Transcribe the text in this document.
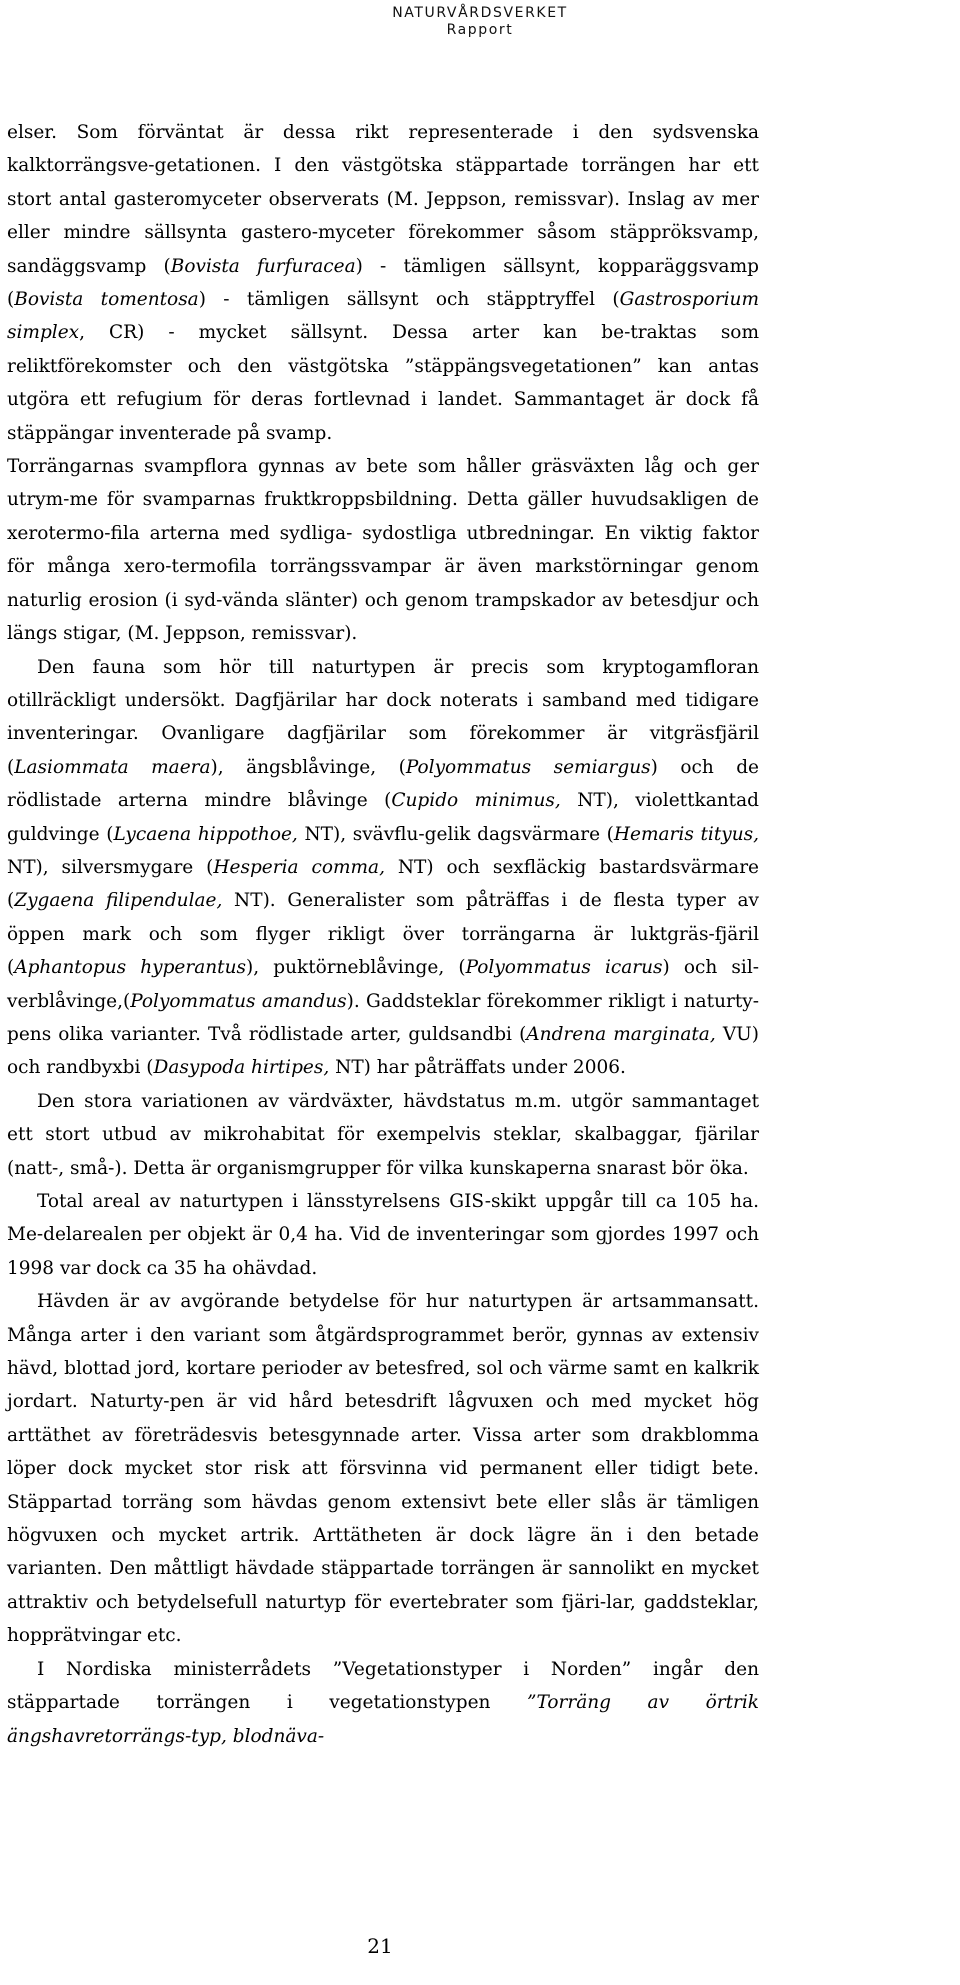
NATURVÅRDSVERKET
Rapport

elser. Som förväntat är dessa rikt representerade i den sydsvenska kalktorrängsve-getationen. I den västgötska stäppartade torrängen har ett stort antal gasteromyceter observerats (M. Jeppson, remissvar). Inslag av mer eller mindre sällsynta gastero-myceter förekommer såsom stäppröksvamp, sandäggsvamp (Bovista furfuracea) - tämligen sällsynt, kopparäggsvamp (Bovista tomentosa) - tämligen sällsynt och stäpptryffel (Gastrosporium simplex, CR) - mycket sällsynt. Dessa arter kan be-traktas som reliktförekomster och den västgötska ”stäppängsvegetationen” kan antas utgöra ett refugium för deras fortlevnad i landet. Sammantaget är dock få stäppängar inventerade på svamp.

Torrängarnas svampflora gynnas av bete som håller gräsväxten låg och ger utrym-me för svamparnas fruktkroppsbildning. Detta gäller huvudsakligen de xerotermo-fila arterna med sydliga- sydostliga utbredningar. En viktig faktor för många xero-termofila torrängssvampar är även markstörningar genom naturlig erosion (i syd-vända slänter) och genom trampskador av betesdjur och längs stigar, (M. Jeppson, remissvar).

Den fauna som hör till naturtypen är precis som kryptogamfloran otillräckligt undersökt. Dagfjärilar har dock noterats i samband med tidigare inventeringar. Ovanligare dagfjärilar som förekommer är vitgräsfjäril (Lasiommata maera), ängsblåvinge, (Polyommatus semiargus) och de rödlistade arterna mindre blåvinge (Cupido minimus, NT), violettkantad guldvinge (Lycaena hippothoe, NT), svävflu-gelik dagsvärmare (Hemaris tityus, NT), silversmygare (Hesperia comma, NT) och sexfläckig bastardsvärmare (Zygaena filipendulae, NT). Generalister som påträffas i de flesta typer av öppen mark och som flyger rikligt över torrängarna är luktgräs-fjäril (Aphantopus hyperantus), puktörneblåvinge, (Polyommatus icarus) och sil-verblåvinge,(Polyommatus amandus). Gaddsteklar förekommer rikligt i naturty-pens olika varianter. Två rödlistade arter, guldsandbi (Andrena marginata, VU) och randbyxbi (Dasypoda hirtipes, NT) har påträffats under 2006.

Den stora variationen av värdväxter, hävdstatus m.m. utgör sammantaget ett stort utbud av mikrohabitat för exempelvis steklar, skalbaggar, fjärilar (natt-, små-). Detta är organismgrupper för vilka kunskaperna snarast bör öka.

Total areal av naturtypen i länsstyrelsens GIS-skikt uppgår till ca 105 ha. Me-delarealen per objekt är 0,4 ha. Vid de inventeringar som gjordes 1997 och 1998 var dock ca 35 ha ohävdad.

Hävden är av avgörande betydelse för hur naturtypen är artsammansatt. Många arter i den variant som åtgärdsprogrammet berör, gynnas av extensiv hävd, blottad jord, kortare perioder av betesfred, sol och värme samt en kalkrik jordart. Naturty-pen är vid hård betesdrift lågvuxen och med mycket hög arttäthet av företrädesvis betesgynnade arter. Vissa arter som drakblomma löper dock mycket stor risk att försvinna vid permanent eller tidigt bete. Stäppartad torräng som hävdas genom extensivt bete eller slås är tämligen högvuxen och mycket artrik. Arttätheten är dock lägre än i den betade varianten. Den måttligt hävdade stäppartade torrängen är sannolikt en mycket attraktiv och betydelsefull naturtyp för evertebrater som fjäri-lar, gaddsteklar, hopprätvingar etc.

I Nordiska ministerrådets ”Vegetationstyper i Norden” ingår den stäppartade torrängen i vegetationstypen ”Torräng av örtrik ängshavretorrängs-typ, blodnäva-

21
